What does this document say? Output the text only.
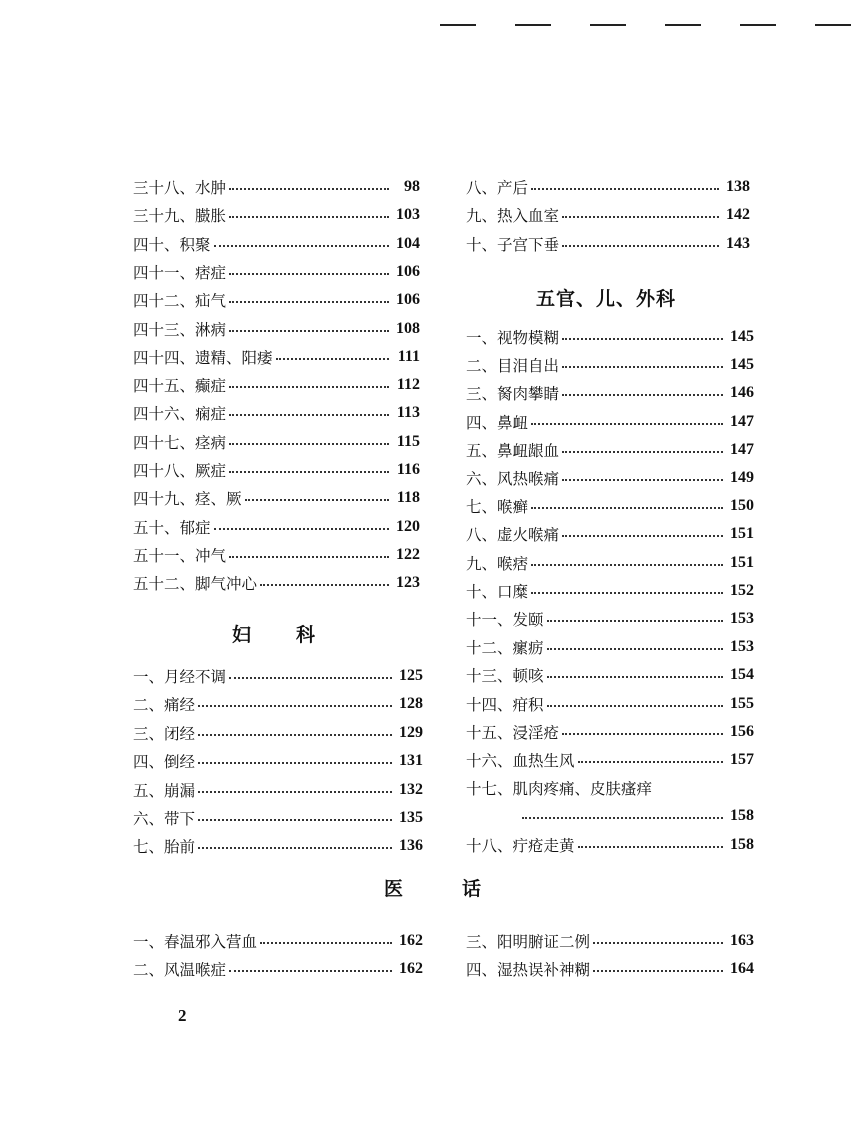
三十八、水肿	98
三十九、臌胀	103
四十、积聚	104
四十一、痞症	106
四十二、疝气	106
四十三、淋病	108
四十四、遗精、阳痿	111
四十五、癫症	112
四十六、痫症	113
四十七、痉病	115
四十八、厥症	116
四十九、痉、厥	118
五十、郁症	120
五十一、冲气	122
五十二、脚气冲心	123
妇 科
一、月经不调	125
二、痛经	128
三、闭经	129
四、倒经	131
五、崩漏	132
六、带下	135
七、胎前	136
八、产后	138
九、热入血室	142
十、子宫下垂	143
五官、儿、外科
一、视物模糊	145
二、目泪自出	145
三、胬肉攀睛	146
四、鼻衄	147
五、鼻衄龈血	147
六、风热喉痛	149
七、喉癣	150
八、虚火喉痛	151
九、喉痞	151
十、口糜	152
十一、发颐	153
十二、瘰疬	153
十三、顿咳	154
十四、疳积	155
十五、浸淫疮	156
十六、血热生风	157
十七、肌肉疼痛、皮肤瘙痒
158
十八、疔疮走黄	158
医	话
一、春温邪入营血	162
二、风温喉症	162
三、阳明腑证二例	163
四、湿热误补神糊	164
2
